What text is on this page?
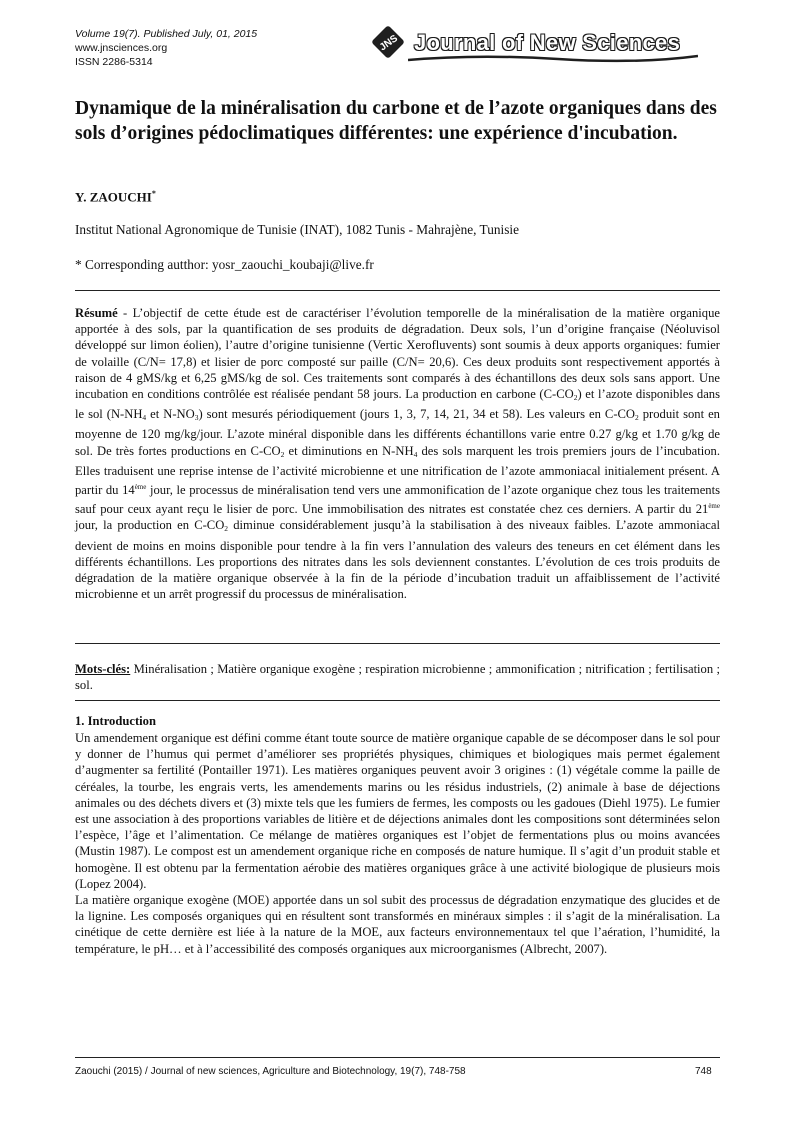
Volume 19(7). Published July, 01, 2015
www.jnsciences.org
ISSN 2286-5314
JNS Journal of New Sciences
Dynamique de la minéralisation du carbone et de l’azote organiques dans des sols d’origines pédoclimatiques différentes: une expérience d'incubation.
Y. ZAOUCHI*
Institut National Agronomique de Tunisie (INAT), 1082 Tunis - Mahrajène, Tunisie
* Corresponding autthor: yosr_zaouchi_koubaji@live.fr

Résumé - L’objectif de cette étude est de caractériser l’évolution temporelle de la minéralisation de la matière organique apportée à des sols, par la quantification de ses produits de dégradation. Deux sols, l’un d’origine française (Néoluvisol développé sur limon éolien), l’autre d’origine tunisienne (Vertic Xerofluvents) sont soumis à deux apports organiques: fumier de volaille (C/N= 17,8) et lisier de porc composté sur paille (C/N= 20,6). Ces deux produits sont respectivement apportés à raison de 4 gMS/kg et 6,25 gMS/kg de sol. Ces traitements sont comparés à des échantillons des deux sols sans apport. Une incubation en conditions contrôlée est réalisée pendant 58 jours. La production en carbone $(C-CO_2)$ et l’azote disponibles dans le sol ($N-NH_4$ et $N-NO_3$) sont mesurés périodiquement (jours 1, 3, 7, 14, 21, 34 et 58). Les valeurs en $C-CO_2$ produit sont en moyenne de 120 mg/kg/jour. L’azote minéral disponible dans les différents échantillons varie entre 0.27 g/kg et 1.70 g/kg de sol. De très fortes productions en $C-CO_2$ et diminutions en $N-NH_4$ des sols marquent les trois premiers jours de l’incubation. Elles traduisent une reprise intense de l’activité microbienne et une nitrification de l’azote ammoniacal initialement présent. A partir du 14ème jour, le processus de minéralisation tend vers une ammonification de l’azote organique chez tous les traitements sauf pour ceux ayant reçu le lisier de porc. Une immobilisation des nitrates est constatée chez ces derniers. A partir du 21ème jour, la production en $C-CO_2$ diminue considérablement jusqu’à la stabilisation à des niveaux faibles. L’azote ammoniacal devient de moins en moins disponible pour tendre à la fin vers l’annulation des valeurs des teneurs en cet élément dans les différents échantillons. Les proportions des nitrates dans les sols deviennent constantes. L’évolution de ces trois produits de dégradation de la matière organique observée à la fin de la période d’incubation traduit un affaiblissement de l’activité microbienne et un arrêt progressif du processus de minéralisation.

Mots-clés: Minéralisation ; Matière organique exogène ; respiration microbienne ; ammonification ; nitrification ; fertilisation ; sol.

1. Introduction
Un amendement organique est défini comme étant toute source de matière organique capable de se décomposer dans le sol pour y donner de l’humus qui permet d’améliorer ses propriétés physiques, chimiques et biologiques mais permet également d’augmenter sa fertilité (Pontailler 1971). Les matières organiques peuvent avoir 3 origines : (1) végétale comme la paille de céréales, la tourbe, les engrais verts, les amendements marins ou les résidus industriels, (2) animale à base de déjections animales ou des déchets divers et (3) mixte tels que les fumiers de fermes, les composts ou les gadoues (Diehl 1975). Le fumier est une association à des proportions variables de litière et de déjections animales dont les compositions sont déterminées selon l’espèce, l’âge et l’alimentation. Ce mélange de matières organiques est l’objet de fermentations plus ou moins avancées (Mustin 1987). Le compost est un amendement organique riche en composés de nature humique. Il s’agit d’un produit stable et homogène. Il est obtenu par la fermentation aérobie des matières organiques grâce à une activité biologique de plusieurs mois (Lopez 2004).
La matière organique exogène (MOE) apportée dans un sol subit des processus de dégradation enzymatique des glucides et de la lignine. Les composés organiques qui en résultent sont transformés en minéraux simples : il s’agit de la minéralisation. La cinétique de cette dernière est liée à la nature de la MOE, aux facteurs environnementaux tel que l’aération, l’humidité, la température, le pH… et à l’accessibilité des composés organiques aux microorganismes (Albrecht, 2007).
Zaouchi (2015) / Journal of new sciences, Agriculture and Biotechnology, 19(7), 748-758	748
